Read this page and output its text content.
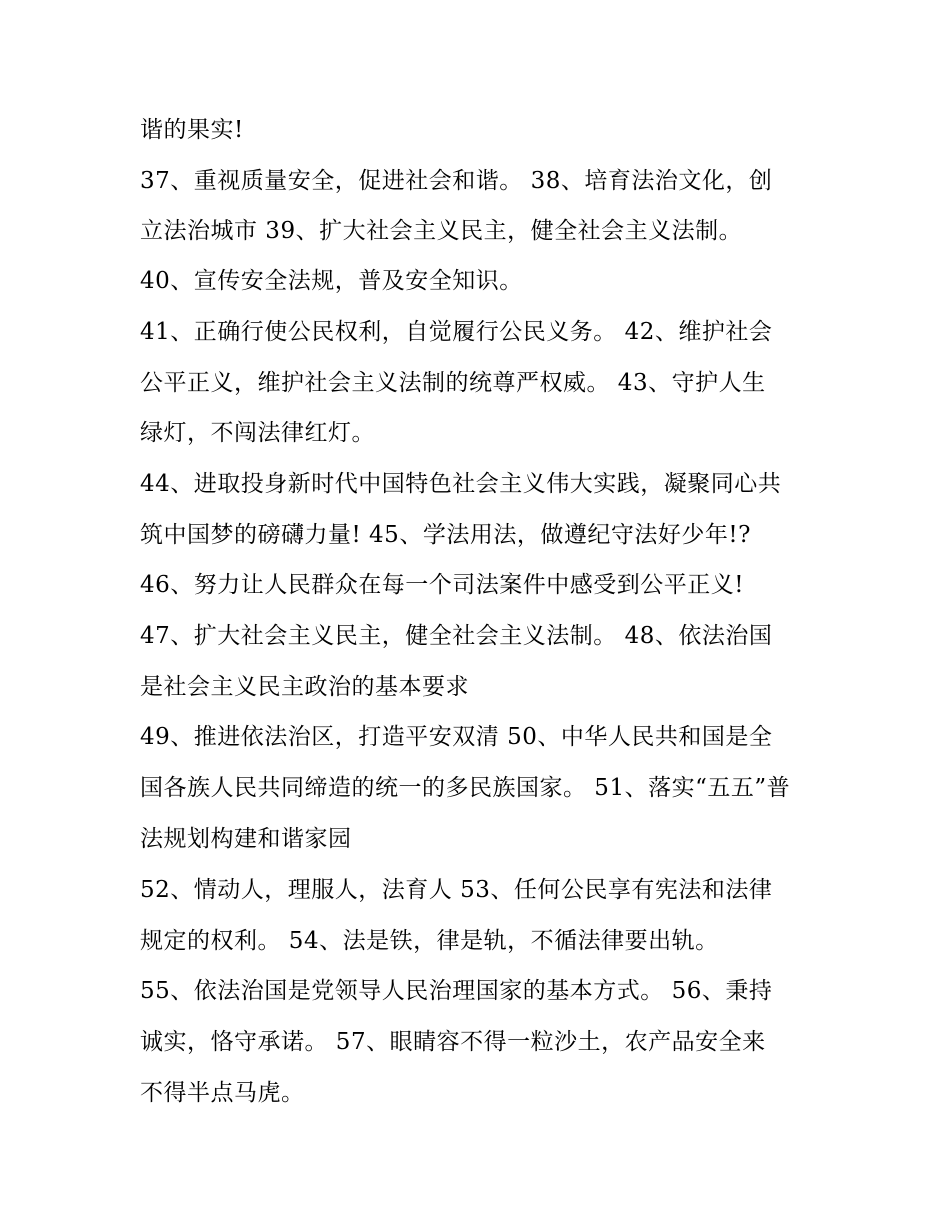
谐的果实!
37、重视质量安全，促进社会和谐。 38、培育法治文化，创
立法治城市 39、扩大社会主义民主，健全社会主义法制。
40、宣传安全法规，普及安全知识。
41、正确行使公民权利，自觉履行公民义务。 42、维护社会
公平正义，维护社会主义法制的统尊严权威。 43、守护人生
绿灯，不闯法律红灯。
44、进取投身新时代中国特色社会主义伟大实践，凝聚同心共
筑中国梦的磅礴力量! 45、学法用法，做遵纪守法好少年!?
46、努力让人民群众在每一个司法案件中感受到公平正义!
47、扩大社会主义民主，健全社会主义法制。 48、依法治国
是社会主义民主政治的基本要求
49、推进依法治区，打造平安双清 50、中华人民共和国是全
国各族人民共同缔造的统一的多民族国家。 51、落实“五五”普
法规划构建和谐家园
52、情动人，理服人，法育人 53、任何公民享有宪法和法律
规定的权利。 54、法是铁，律是轨，不循法律要出轨。
55、依法治国是党领导人民治理国家的基本方式。 56、秉持
诚实，恪守承诺。 57、眼睛容不得一粒沙土，农产品安全来
不得半点马虎。
